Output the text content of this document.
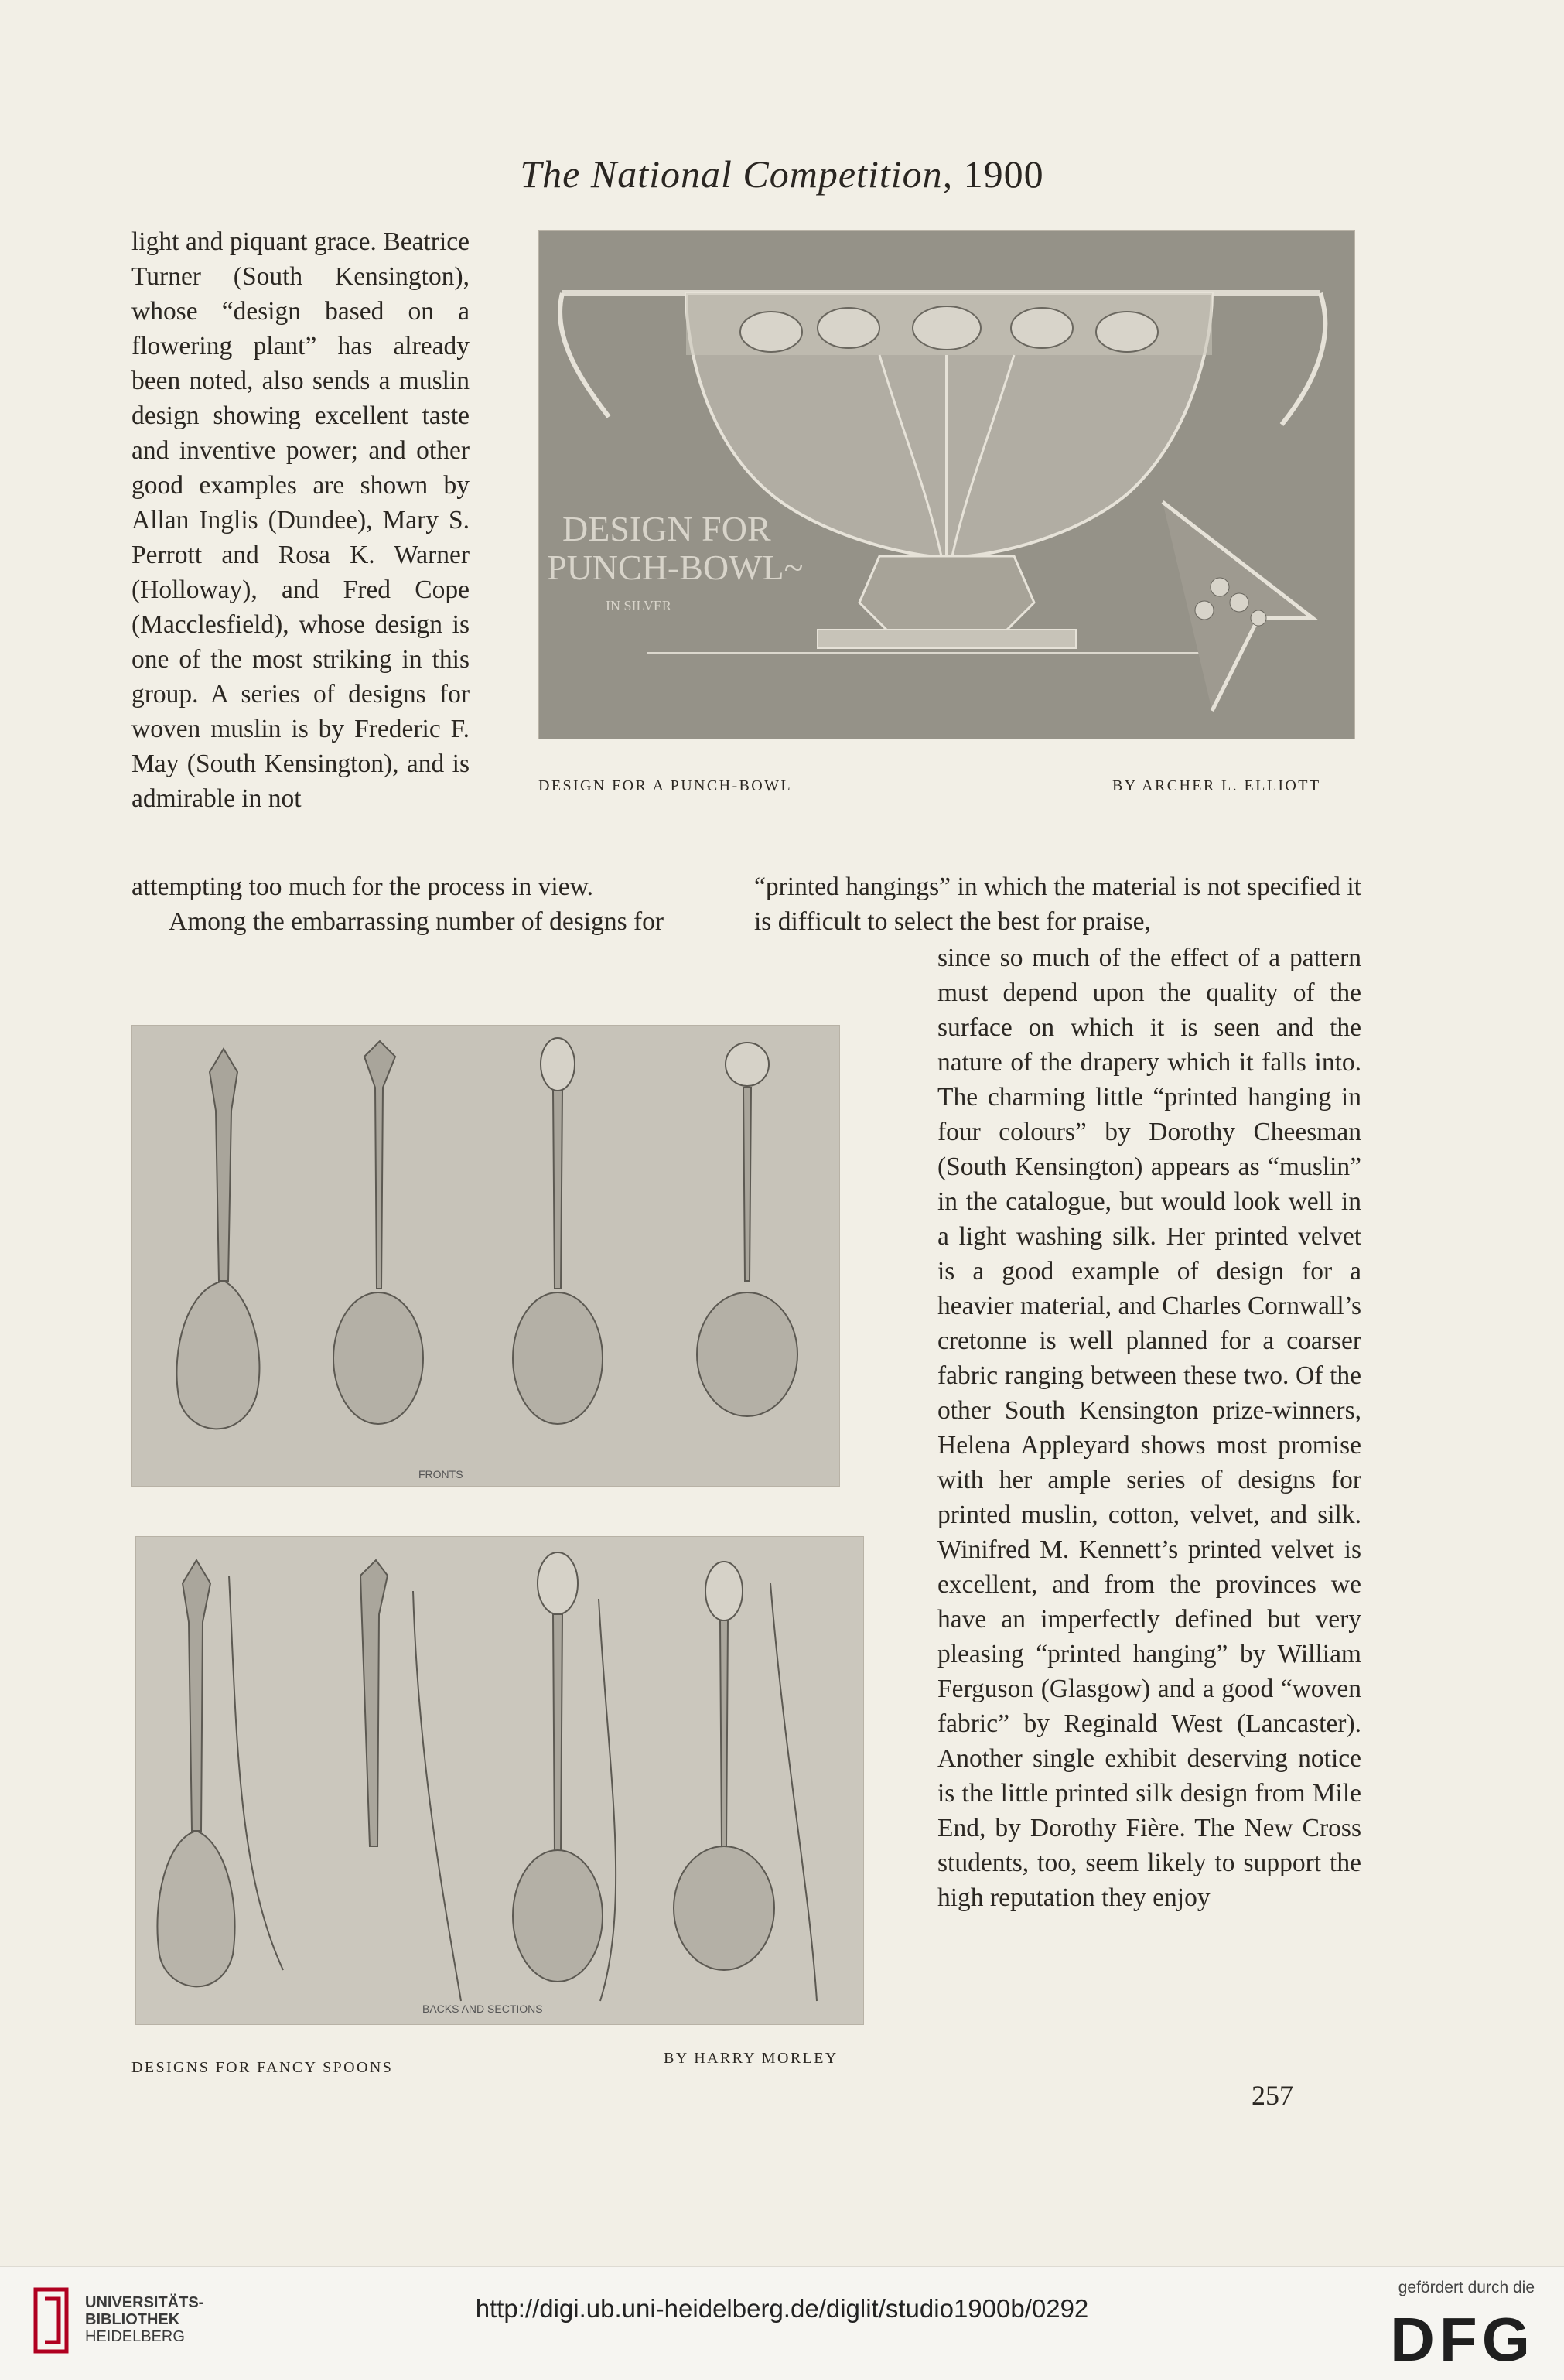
The National Competition, 1900

light and piquant grace. Beatrice Turner (South Kensington), whose “design based on a flowering plant” has already been noted, also sends a muslin design showing excellent taste and inventive power; and other good examples are shown by Allan Inglis (Dundee), Mary S. Perrott and Rosa K. Warner (Holloway), and Fred Cope (Macclesfield), whose design is one of the most striking in this group. A series of designs for woven muslin is by Frederic F. May (South Kensington), and is admirable in not

attempting too much for the process in view.

Among the embarrassing number of designs for

“printed hangings” in which the material is not specified it is difficult to select the best for praise,

since so much of the effect of a pattern must depend upon the quality of the surface on which it is seen and the nature of the drapery which it falls into. The charming little “printed hanging in four colours” by Dorothy Cheesman (South Kensington) appears as “muslin” in the catalogue, but would look well in a light washing silk. Her printed velvet is a good example of design for a heavier material, and Charles Cornwall’s cretonne is well planned for a coarser fabric ranging between these two. Of the other South Kensington prize-winners, Helena Appleyard shows most promise with her ample series of designs for printed muslin, cotton, velvet, and silk. Winifred M. Kennett’s printed velvet is excellent, and from the provinces we have an imperfectly defined but very pleasing “printed hanging” by William Ferguson (Glasgow) and a good “woven fabric” by Reginald West (Lancaster). Another single exhibit deserving notice is the little printed silk design from Mile End, by Dorothy Fière. The New Cross students, too, seem likely to support the high reputation they enjoy

DESIGN FOR
PUNCH-BOWL~
IN SILVER
DESIGN FOR A PUNCH-BOWL	BY ARCHER L. ELLIOTT
FRONTS
BACKS AND SECTIONS
DESIGNS FOR FANCY SPOONS
BY HARRY MORLEY
257
UNIVERSITÄTS-
BIBLIOTHEK
HEIDELBERG
http://digi.ub.uni-heidelberg.de/diglit/studio1900b/0292
gefördert durch die
DFG
